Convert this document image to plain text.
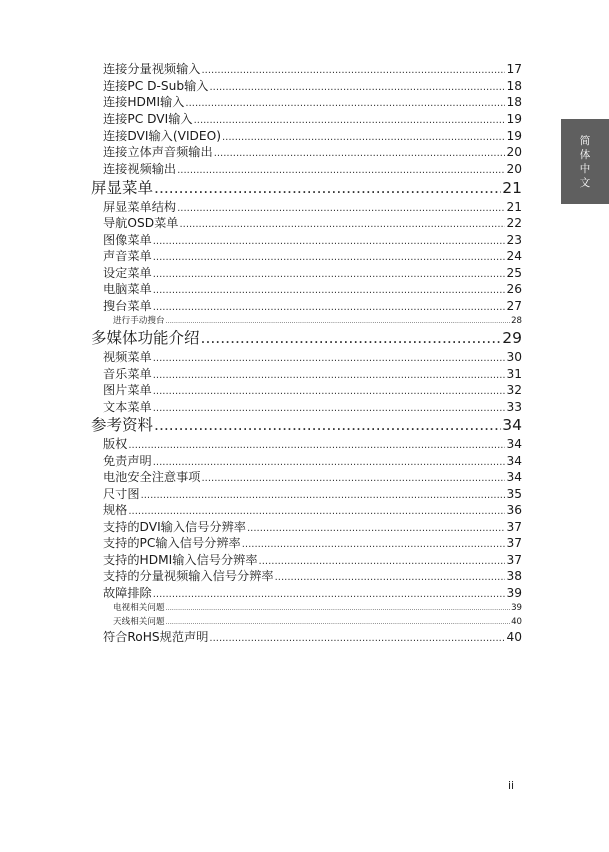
连接分量视频输入 .....	17
连接PC D-Sub输入 .....	18
连接HDMI输入 .....	18
连接PC DVI输入 .....	19
连接DVI输入(VIDEO) .....	19
连接立体声音频输出 .....	20
连接视频输出 .....	20
屏显菜单 .....	21
屏显菜单结构 .....	21
导航OSD菜单 .....	22
图像菜单 .....	23
声音菜单 .....	24
设定菜单 .....	25
电脑菜单 .....	26
搜台菜单 .....	27
进行手动搜台 .....	28
多媒体功能介绍 .....	29
视频菜单 .....	30
音乐菜单 .....	31
图片菜单 .....	32
文本菜单 .....	33
参考资料 .....	34
版权 .....	34
免责声明 .....	34
电池安全注意事项 .....	34
尺寸图 .....	35
规格 .....	36
支持的DVI输入信号分辨率 .....	37
支持的PC输入信号分辨率 .....	37
支持的HDMI输入信号分辨率 .....	37
支持的分量视频输入信号分辨率 .....	38
故障排除 .....	39
电视相关问题 .....	39
天线相关问题 .....	40
符合RoHS规范声明 .....	40
简
体
中
文
ii
